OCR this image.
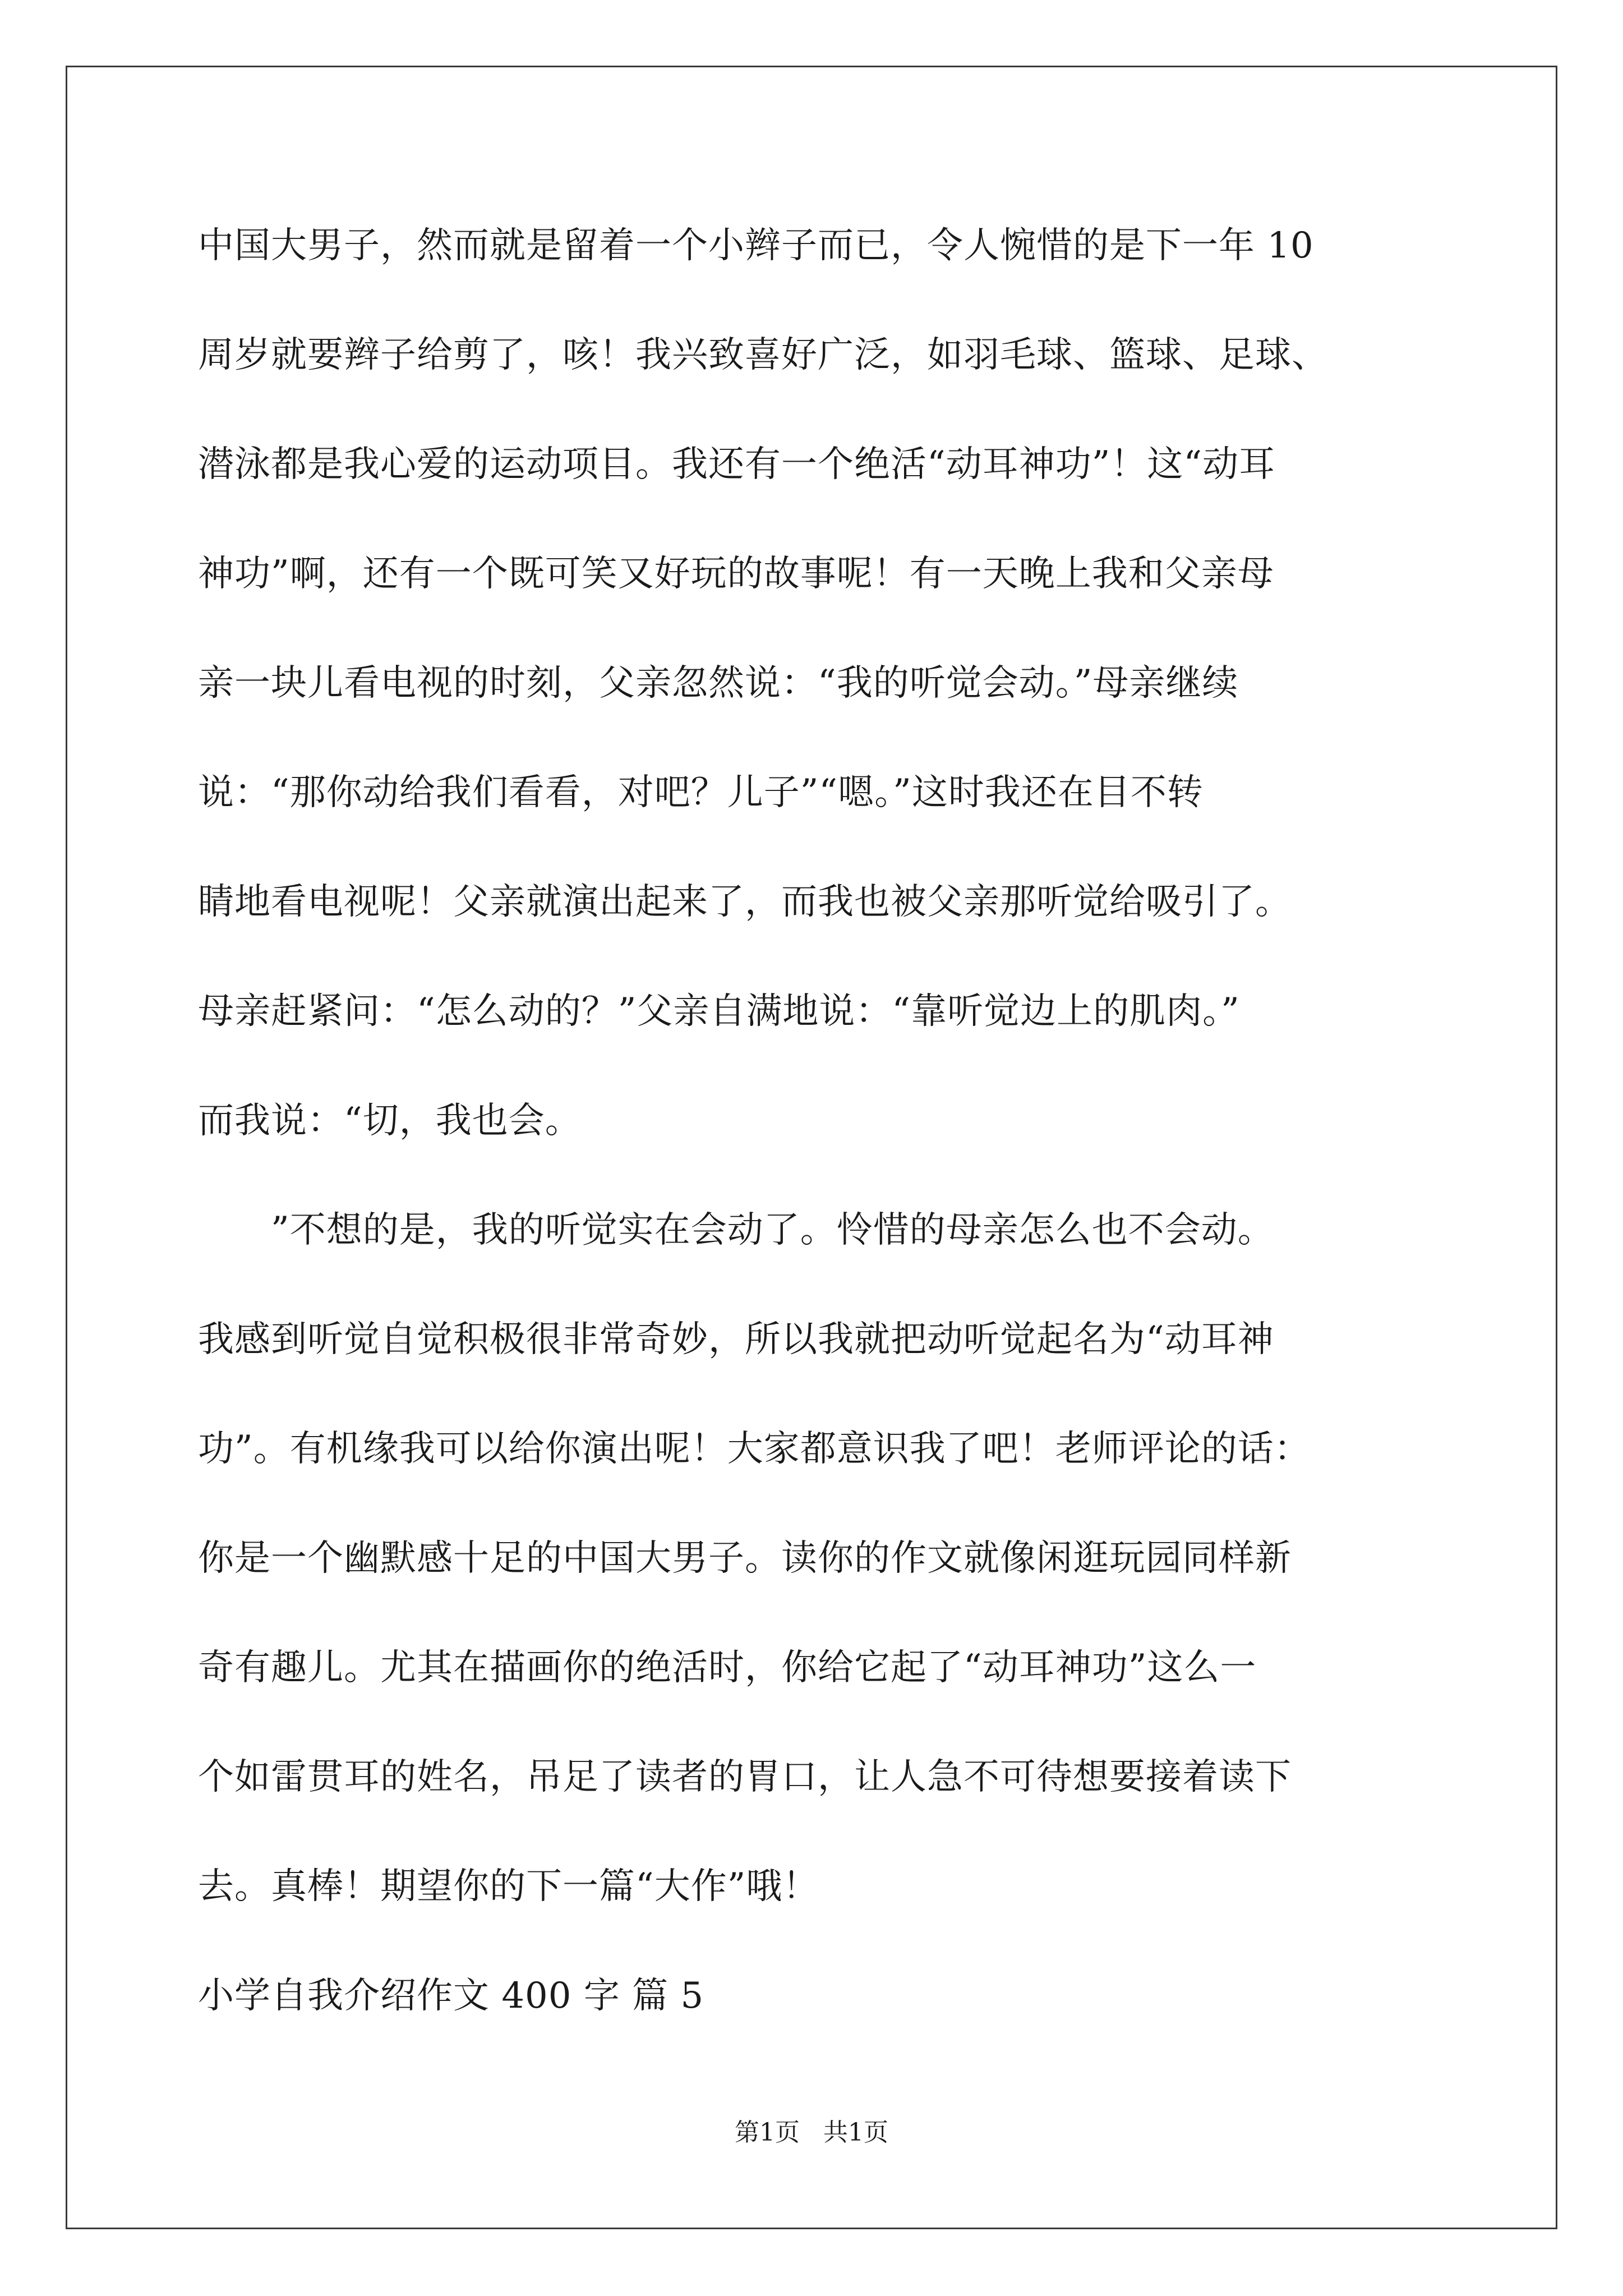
中国大男子，然而就是留着一个小辫子而已，令人惋惜的是下一年 10
周岁就要辫子给剪了，咳！我兴致喜好广泛，如羽毛球、篮球、足球、
潜泳都是我心爱的运动项目。我还有一个绝活“动耳神功”！这“动耳
神功”啊，还有一个既可笑又好玩的故事呢！有一天晚上我和父亲母
亲一块儿看电视的时刻，父亲忽然说：“我的听觉会动。”母亲继续
说：“那你动给我们看看，对吧？儿子”“嗯。”这时我还在目不转
睛地看电视呢！父亲就演出起来了，而我也被父亲那听觉给吸引了。
母亲赶紧问：“怎么动的？”父亲自满地说：“靠听觉边上的肌肉。”
而我说：“切，我也会。
　　”不想的是，我的听觉实在会动了。怜惜的母亲怎么也不会动。
我感到听觉自觉积极很非常奇妙，所以我就把动听觉起名为“动耳神
功”。有机缘我可以给你演出呢！大家都意识我了吧！老师评论的话：
你是一个幽默感十足的中国大男子。读你的作文就像闲逛玩园同样新
奇有趣儿。尤其在描画你的绝活时，你给它起了“动耳神功”这么一
个如雷贯耳的姓名，吊足了读者的胃口，让人急不可待想要接着读下
去。真棒！期望你的下一篇“大作”哦！
小学自我介绍作文 400 字 篇 5
第1页   共1页
